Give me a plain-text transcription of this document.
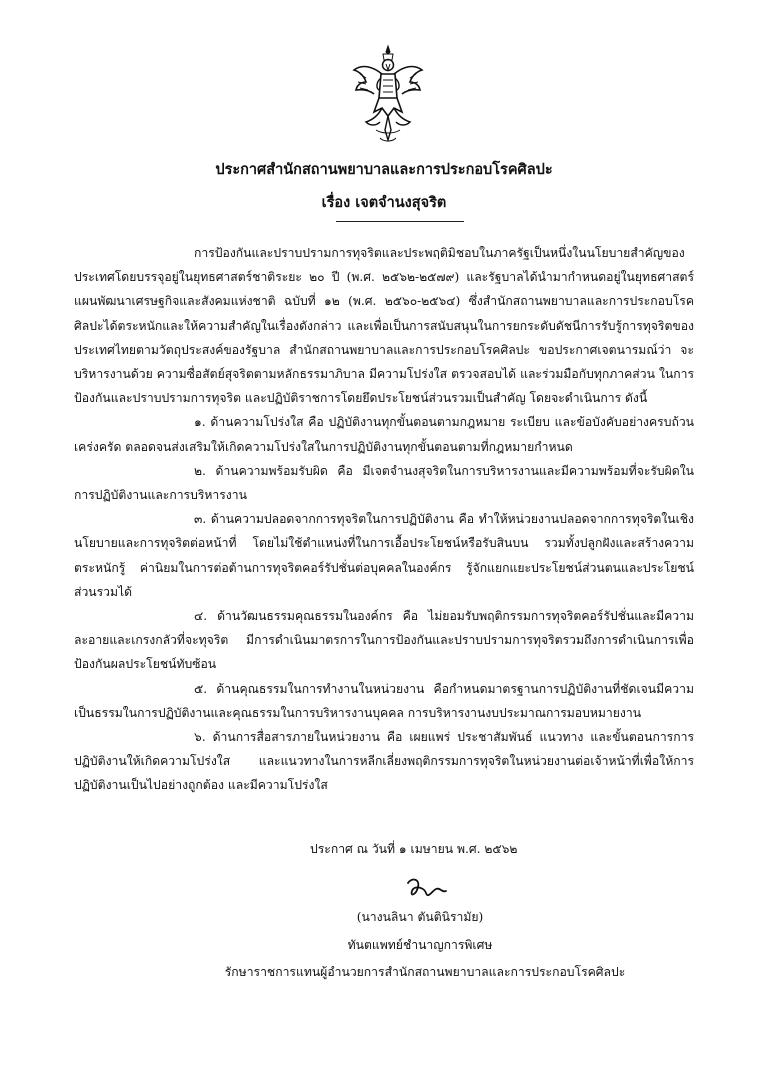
ประกาศสำนักสถานพยาบาลและการประกอบโรคศิลปะ
เรื่อง เจตจำนงสุจริต

การป้องกันและปราบปรามการทุจริตและประพฤติมิชอบในภาครัฐเป็นหนึ่งในนโยบายสำคัญของประเทศโดยบรรจุอยู่ในยุทธศาสตร์ชาติระยะ ๒๐ ปี (พ.ศ. ๒๕๖๒-๒๕๗๙) และรัฐบาลได้นำมากำหนดอยู่ในยุทธศาสตร์แผนพัฒนาเศรษฐกิจและสังคมแห่งชาติ ฉบับที่ ๑๒ (พ.ศ. ๒๕๖๐-๒๕๖๔) ซึ่งสำนักสถานพยาบาลและการประกอบโรคศิลปะได้ตระหนักและให้ความสำคัญในเรื่องดังกล่าว และเพื่อเป็นการสนับสนุนในการยกระดับดัชนีการรับรู้การทุจริตของประเทศไทยตามวัตถุประสงค์ของรัฐบาล สำนักสถานพยาบาลและการประกอบโรคศิลปะ ขอประกาศเจตนารมณ์ว่า จะบริหารงานด้วย ความซื่อสัตย์สุจริตตามหลักธรรมาภิบาล มีความโปร่งใส ตรวจสอบได้ และร่วมมือกับทุกภาคส่วน ในการป้องกันและปราบปรามการทุจริต และปฏิบัติราชการโดยยึดประโยชน์ส่วนรวมเป็นสำคัญ โดยจะดำเนินการ ดังนี้

๑. ด้านความโปร่งใส คือ ปฏิบัติงานทุกขั้นตอนตามกฎหมาย ระเบียบ และข้อบังคับอย่างครบถ้วน เคร่งครัด ตลอดจนส่งเสริมให้เกิดความโปร่งใสในการปฏิบัติงานทุกขั้นตอนตามที่กฎหมายกำหนด

๒. ด้านความพร้อมรับผิด คือ มีเจตจำนงสุจริตในการบริหารงานและมีความพร้อมที่จะรับผิดในการปฏิบัติงานและการบริหารงาน

๓. ด้านความปลอดจากการทุจริตในการปฏิบัติงาน คือ ทำให้หน่วยงานปลอดจากการทุจริตในเชิงนโยบายและการทุจริตต่อหน้าที่ โดยไม่ใช้ตำแหน่งที่ในการเอื้อประโยชน์หรือรับสินบน รวมทั้งปลูกฝังและสร้างความตระหนักรู้ ค่านิยมในการต่อต้านการทุจริตคอร์รัปชั่นต่อบุคคลในองค์กร รู้จักแยกแยะประโยชน์ส่วนตนและประโยชน์ส่วนรวมได้

๔. ด้านวัฒนธรรมคุณธรรมในองค์กร คือ ไม่ยอมรับพฤติกรรมการทุจริตคอร์รัปชั่นและมีความละอายและเกรงกลัวที่จะทุจริต มีการดำเนินมาตรการในการป้องกันและปราบปรามการทุจริตรวมถึงการดำเนินการเพื่อป้องกันผลประโยชน์ทับซ้อน

๕. ด้านคุณธรรมในการทำงานในหน่วยงาน คือกำหนดมาตรฐานการปฏิบัติงานที่ชัดเจนมีความเป็นธรรมในการปฏิบัติงานและคุณธรรมในการบริหารงานบุคคล การบริหารงานงบประมาณการมอบหมายงาน

๖. ด้านการสื่อสารภายในหน่วยงาน คือ เผยแพร่ ประชาสัมพันธ์ แนวทาง และขั้นตอนการการปฏิบัติงานให้เกิดความโปร่งใส และแนวทางในการหลีกเลี่ยงพฤติกรรมการทุจริตในหน่วยงานต่อเจ้าหน้าที่เพื่อให้การปฏิบัติงานเป็นไปอย่างถูกต้อง และมีความโปร่งใส

ประกาศ ณ วันที่ ๑ เมษายน พ.ศ. ๒๕๖๒
(นางนลินา ตันตินิรามัย)
ทันตแพทย์ชำนาญการพิเศษ
รักษาราชการแทนผู้อำนวยการสำนักสถานพยาบาลและการประกอบโรคศิลปะ
